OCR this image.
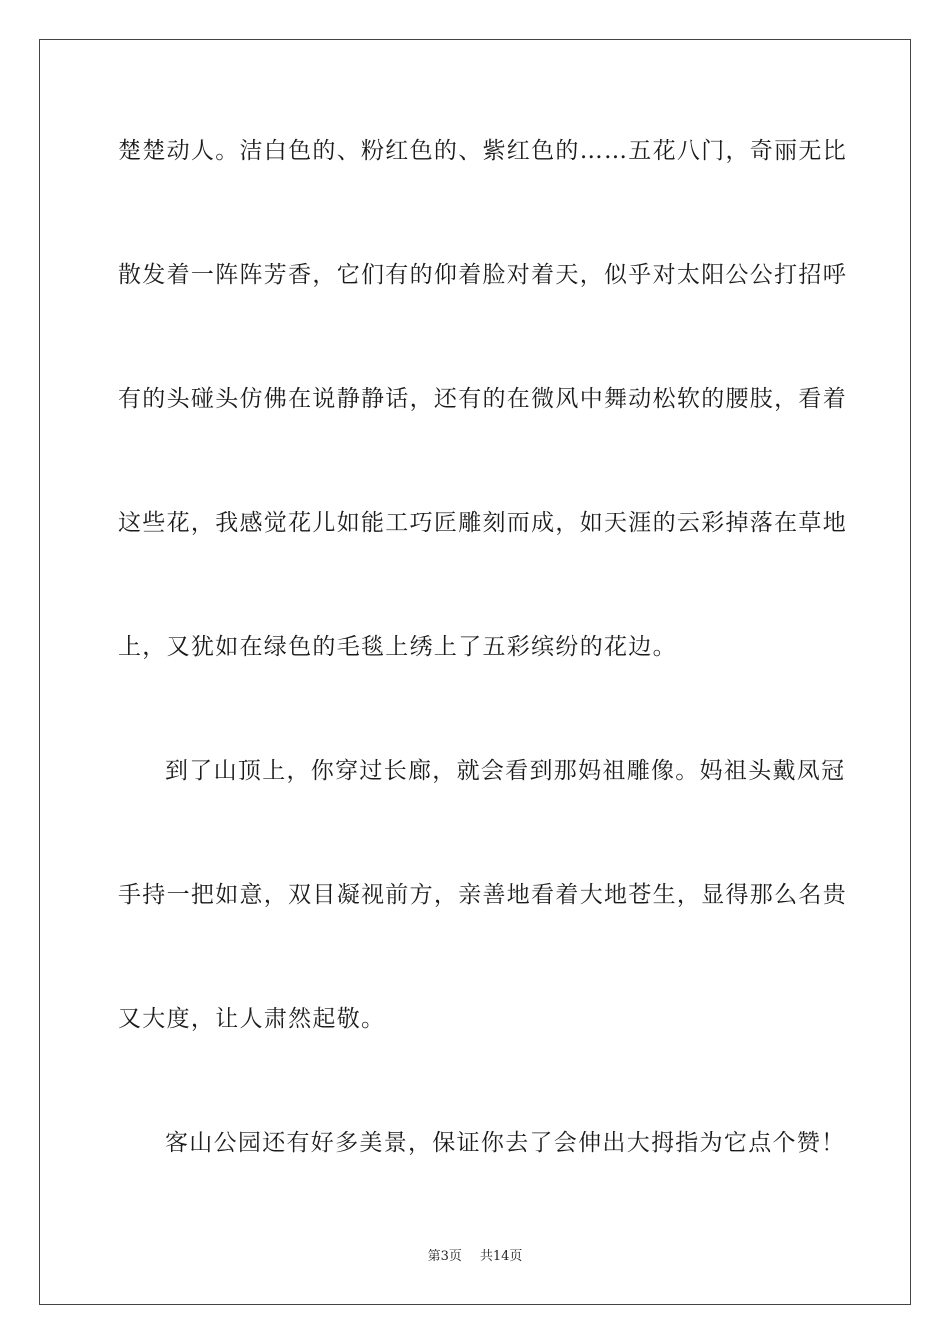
楚楚动人。洁白色的、粉红色的、紫红色的……五花八门，奇丽无比
散发着一阵阵芳香，它们有的仰着脸对着天，似乎对太阳公公打招呼
有的头碰头仿佛在说静静话，还有的在微风中舞动松软的腰肢，看着
这些花，我感觉花儿如能工巧匠雕刻而成，如天涯的云彩掉落在草地
上，又犹如在绿色的毛毯上绣上了五彩缤纷的花边。
到了山顶上，你穿过长廊，就会看到那妈祖雕像。妈祖头戴凤冠
手持一把如意，双目凝视前方，亲善地看着大地苍生，显得那么名贵
又大度，让人肃然起敬。
客山公园还有好多美景，保证你去了会伸出大拇指为它点个赞！
第3页 共14页
